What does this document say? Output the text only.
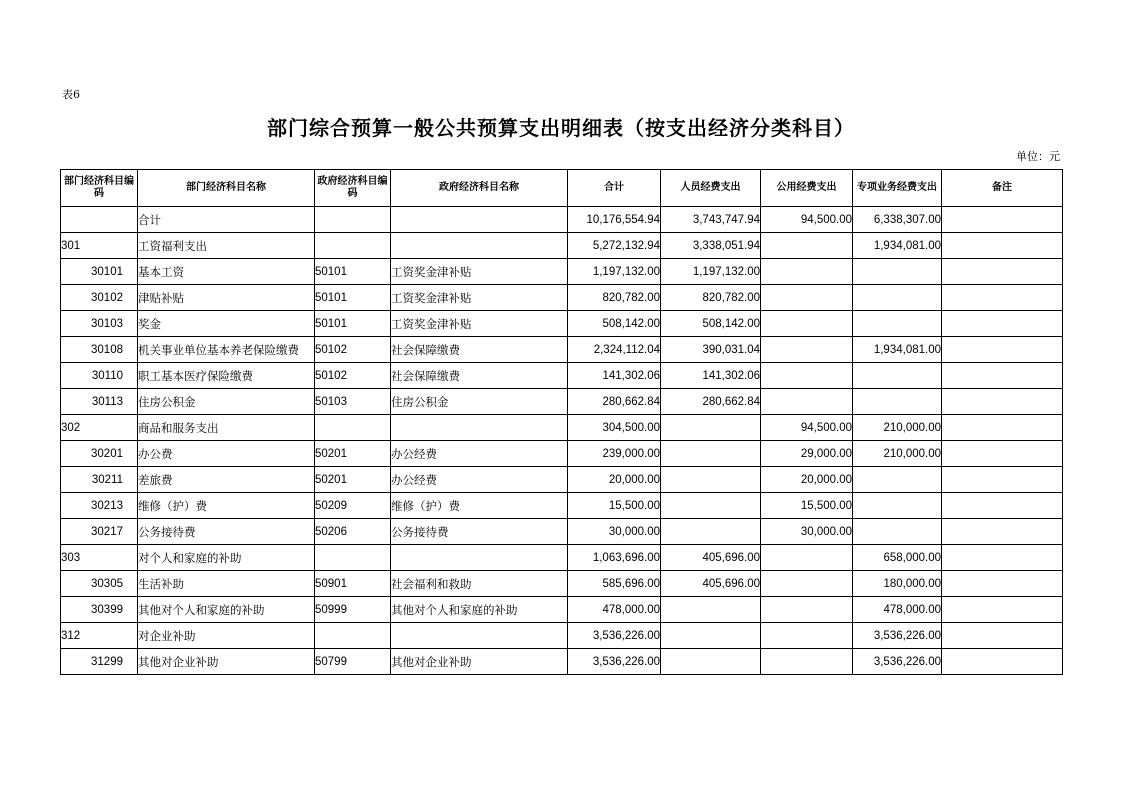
表6
部门综合预算一般公共预算支出明细表（按支出经济分类科目）
单位：元
部门经济科目编码	部门经济科目名称	政府经济科目编码	政府经济科目名称	合计	人员经费支出	公用经费支出	专项业务经费支出	备注
	合计			10,176,554.94	3,743,747.94	94,500.00	6,338,307.00	
301	工资福利支出			5,272,132.94	3,338,051.94		1,934,081.00	
30101	基本工资	50101	工资奖金津补贴	1,197,132.00	1,197,132.00			
30102	津贴补贴	50101	工资奖金津补贴	820,782.00	820,782.00			
30103	奖金	50101	工资奖金津补贴	508,142.00	508,142.00			
30108	机关事业单位基本养老保险缴费	50102	社会保障缴费	2,324,112.04	390,031.04		1,934,081.00	
30110	职工基本医疗保险缴费	50102	社会保障缴费	141,302.06	141,302.06			
30113	住房公积金	50103	住房公积金	280,662.84	280,662.84			
302	商品和服务支出			304,500.00		94,500.00	210,000.00	
30201	办公费	50201	办公经费	239,000.00		29,000.00	210,000.00	
30211	差旅费	50201	办公经费	20,000.00		20,000.00		
30213	维修（护）费	50209	维修（护）费	15,500.00		15,500.00		
30217	公务接待费	50206	公务接待费	30,000.00		30,000.00		
303	对个人和家庭的补助			1,063,696.00	405,696.00		658,000.00	
30305	生活补助	50901	社会福利和救助	585,696.00	405,696.00		180,000.00	
30399	其他对个人和家庭的补助	50999	其他对个人和家庭的补助	478,000.00			478,000.00	
312	对企业补助			3,536,226.00			3,536,226.00	
31299	其他对企业补助	50799	其他对企业补助	3,536,226.00			3,536,226.00	
